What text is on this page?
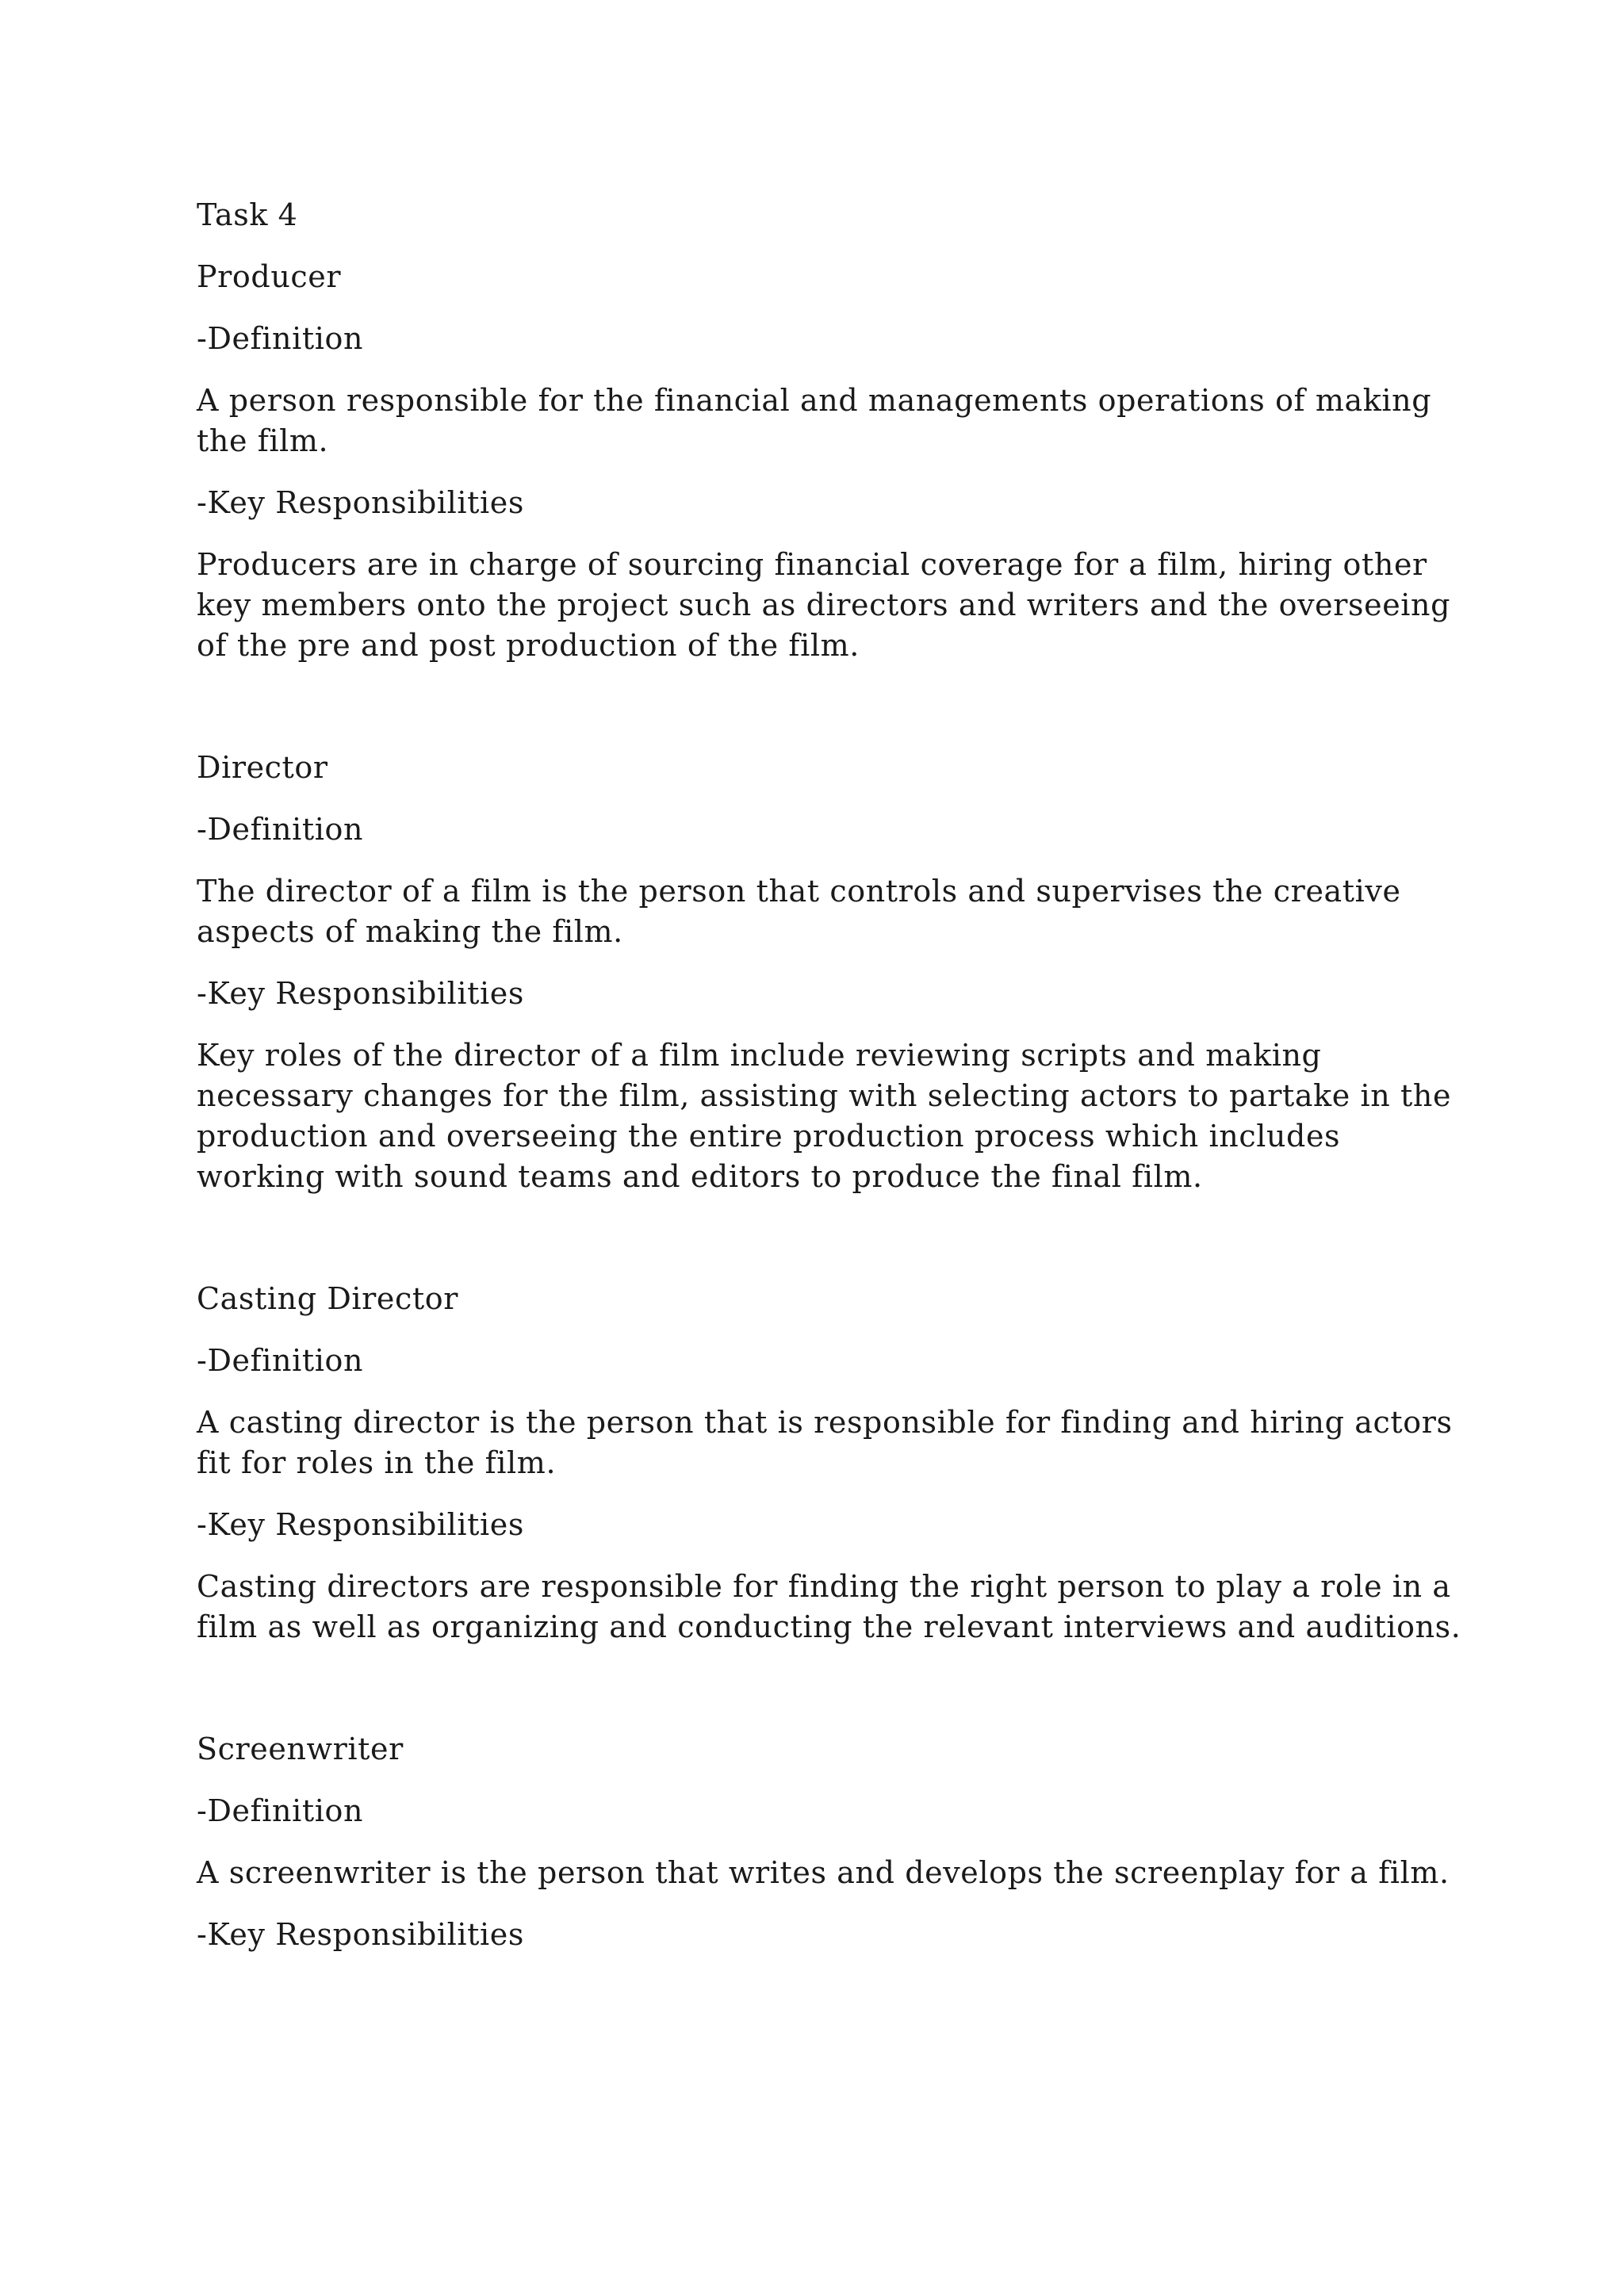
Task 4

Producer

-Definition

A person responsible for the financial and managements operations of making the film.

-Key Responsibilities

Producers are in charge of sourcing financial coverage for a film, hiring other key members onto the project such as directors and writers and the overseeing of the pre and post production of the film.

Director

-Definition

The director of a film is the person that controls and supervises the creative aspects of making the film.

-Key Responsibilities

Key roles of the director of a film include reviewing scripts and making necessary changes for the film, assisting with selecting actors to partake in the production and overseeing the entire production process which includes working with sound teams and editors to produce the final film.

Casting Director

-Definition

A casting director is the person that is responsible for finding and hiring actors fit for roles in the film.

-Key Responsibilities

Casting directors are responsible for finding the right person to play a role in a film as well as organizing and conducting the relevant interviews and auditions.

Screenwriter

-Definition

A screenwriter is the person that writes and develops the screenplay for a film.

-Key Responsibilities
